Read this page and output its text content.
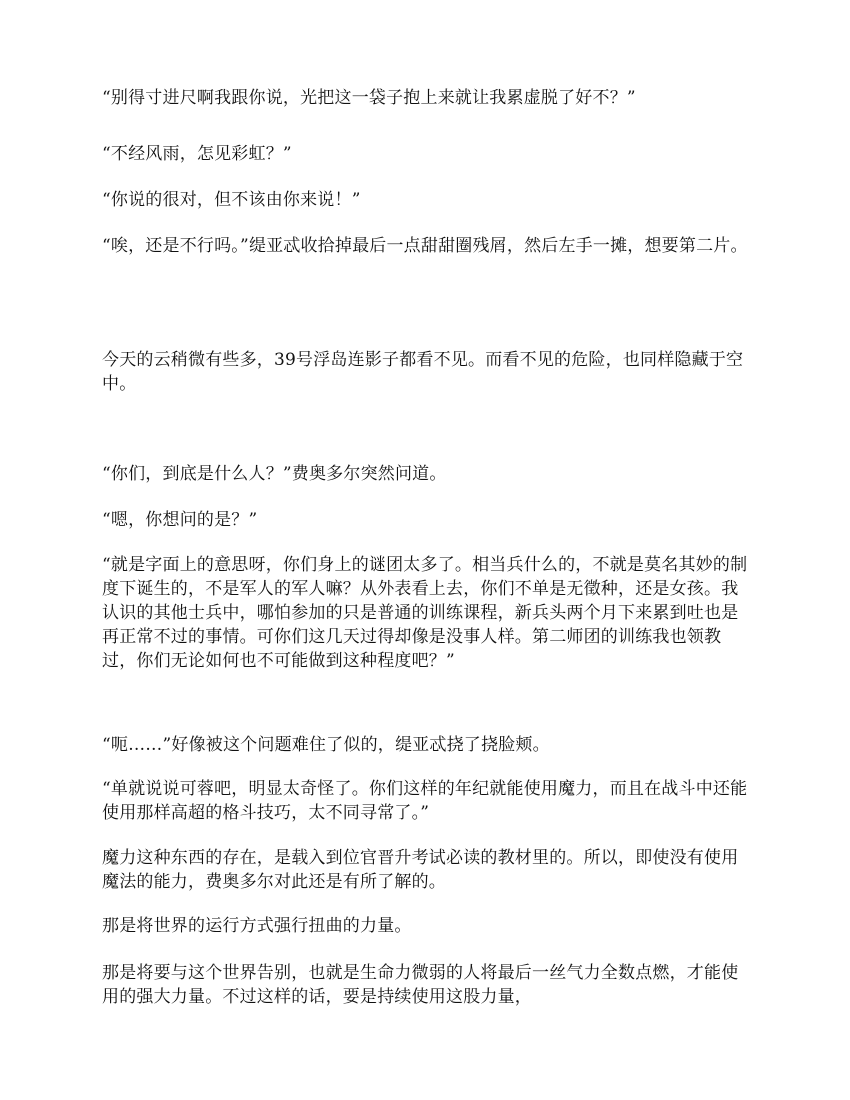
“别得寸进尺啊我跟你说，光把这一袋子抱上来就让我累虚脱了好不？”

“不经风雨，怎见彩虹？”

“你说的很对，但不该由你来说！”

“唉，还是不行吗。”缇亚忒收拾掉最后一点甜甜圈残屑，然后左手一摊，想要第二片。

今天的云稍微有些多，39号浮岛连影子都看不见。而看不见的危险，也同样隐藏于空中。

“你们，到底是什么人？”费奥多尔突然问道。

“嗯，你想问的是？”

“就是字面上的意思呀，你们身上的谜团太多了。相当兵什么的，不就是莫名其妙的制度下诞生的，不是军人的军人嘛？从外表看上去，你们不单是无徵种，还是女孩。我认识的其他士兵中，哪怕参加的只是普通的训练课程，新兵头两个月下来累到吐也是再正常不过的事情。可你们这几天过得却像是没事人样。第二师团的训练我也领教过，你们无论如何也不可能做到这种程度吧？”

“呃……”好像被这个问题难住了似的，缇亚忒挠了挠脸颊。

“单就说说可蓉吧，明显太奇怪了。你们这样的年纪就能使用魔力，而且在战斗中还能使用那样高超的格斗技巧，太不同寻常了。”

魔力这种东西的存在，是载入到位官晋升考试必读的教材里的。所以，即使没有使用魔法的能力，费奥多尔对此还是有所了解的。

那是将世界的运行方式强行扭曲的力量。

那是将要与这个世界告别，也就是生命力微弱的人将最后一丝气力全数点燃，才能使用的强大力量。不过这样的话，要是持续使用这股力量，
